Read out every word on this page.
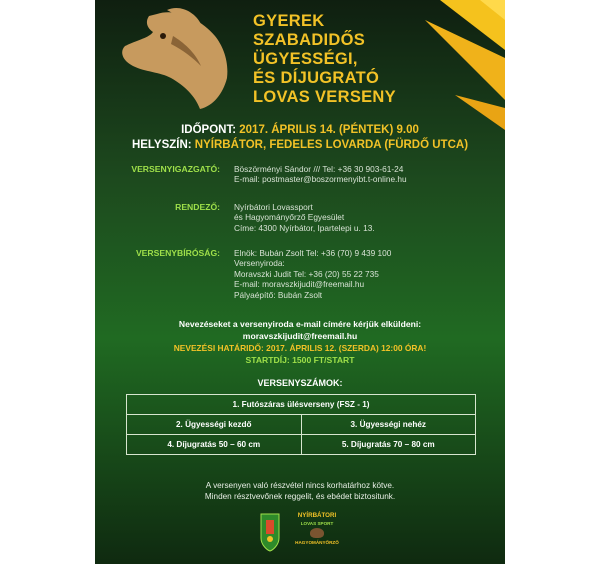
GYEREK
SZABADIDŐS
ÜGYESSÉGI,
ÉS DÍJUGRATÓ
LOVAS VERSENY
IDŐPONT: 2017. ÁPRILIS 14. (PÉNTEK) 9.00
HELYSZÍN: NYÍRBÁTOR, FEDELES LOVARDA (FÜRDŐ UTCA)
VERSENYIGAZGATÓ: Böszörményi Sándor /// Tel: +36 30 903-61-24
E-mail: postmaster@boszormenyibt.t-online.hu
RENDEZŐ: Nyírbátori Lovassport
és Hagyományőrző Egyesület
Címe: 4300 Nyírbátor, Ipartelepi u. 13.
VERSENYBÍRÓSÁG: Elnök: Bubán Zsolt Tel: +36 (70) 9 439 100
Versenyiroda:
Moravszki Judit Tel: +36 (20) 55 22 735
E-mail: moravszkijudit@freemail.hu
Pályaépítő: Bubán Zsolt
Nevezéseket a versenyiroda e-mail címére kérjük elküldeni:
moravszkijudit@freemail.hu
NEVEZÉSI HATÁRIDŐ: 2017. ÁPRILIS 12. (SZERDA) 12:00 ÓRA!
STARTDÍJ: 1500 FT/START
VERSENYSZÁMOK:
1. Futószáras ülésverseny (FSZ - 1)	
2. Ügyességi kezdő	3. Ügyességi nehéz
4. Díjugratás 50 – 60 cm	5. Díjugratás 70 – 80 cm
A versenyen való részvétel nincs korhatárhoz kötve.
Minden résztvevőnek reggelit, és ebédet biztositunk.
NYÍRBÁTORI
LOVAS SPORT
HAGYOMÁNYŐRZŐ
